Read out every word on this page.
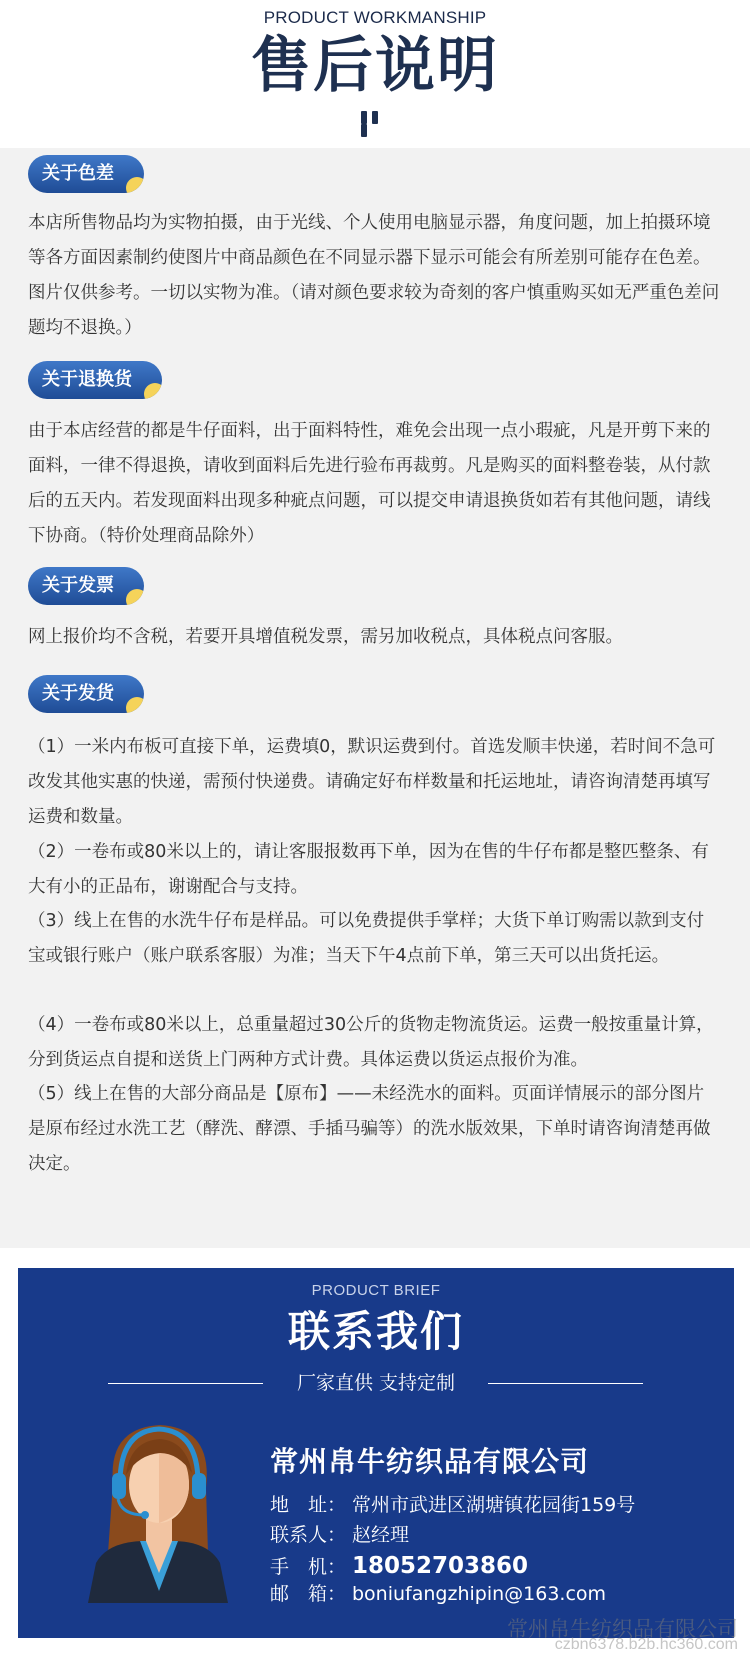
PRODUCT WORKMANSHIP
售后说明
关于色差

本店所售物品均为实物拍摄，由于光线、个人使用电脑显示器，角度问题，加上拍摄环境等各方面因素制约使图片中商品颜色在不同显示器下显示可能会有所差别可能存在色差。图片仅供参考。一切以实物为准。（请对颜色要求较为奇刻的客户慎重购买如无严重色差问题均不退换。）

关于退换货

由于本店经营的都是牛仔面料，出于面料特性，难免会出现一点小瑕疵，凡是开剪下来的面料，一律不得退换，请收到面料后先进行验布再裁剪。凡是购买的面料整卷装，从付款后的五天内。若发现面料出现多种疵点问题，可以提交申请退换货如若有其他问题，请线下协商。（特价处理商品除外）

关于发票

网上报价均不含税，若要开具增值税发票，需另加收税点，具体税点问客服。

关于发货

（1）一米内布板可直接下单，运费填0，默识运费到付。首选发顺丰快递，若时间不急可改发其他实惠的快递，需预付快递费。请确定好布样数量和托运地址，请咨询清楚再填写运费和数量。

（2）一卷布或80米以上的，请让客服报数再下单，因为在售的牛仔布都是整匹整条、有大有小的正品布，谢谢配合与支持。

（3）线上在售的水洗牛仔布是样品。可以免费提供手掌样；大货下单订购需以款到支付宝或银行账户（账户联系客服）为准；当天下午4点前下单，第三天可以出货托运。

（4）一卷布或80米以上，总重量超过30公斤的货物走物流货运。运费一般按重量计算，分到货运点自提和送货上门两种方式计费。具体运费以货运点报价为准。

（5）线上在售的大部分商品是【原布】——未经洗水的面料。页面详情展示的部分图片是原布经过水洗工艺（酵洗、酵漂、手插马骗等）的洗水版效果，下单时请咨询清楚再做决定。

PRODUCT BRIEF
联系我们
厂家直供 支持定制
常州帛牛纺织品有限公司
地　址： 常州市武进区湖塘镇花园街159号
联系人： 赵经理
手　机： 18052703860
邮　箱： boniufangzhipin@163.com
常州帛牛纺织品有限公司
czbn6378.b2b.hc360.com
